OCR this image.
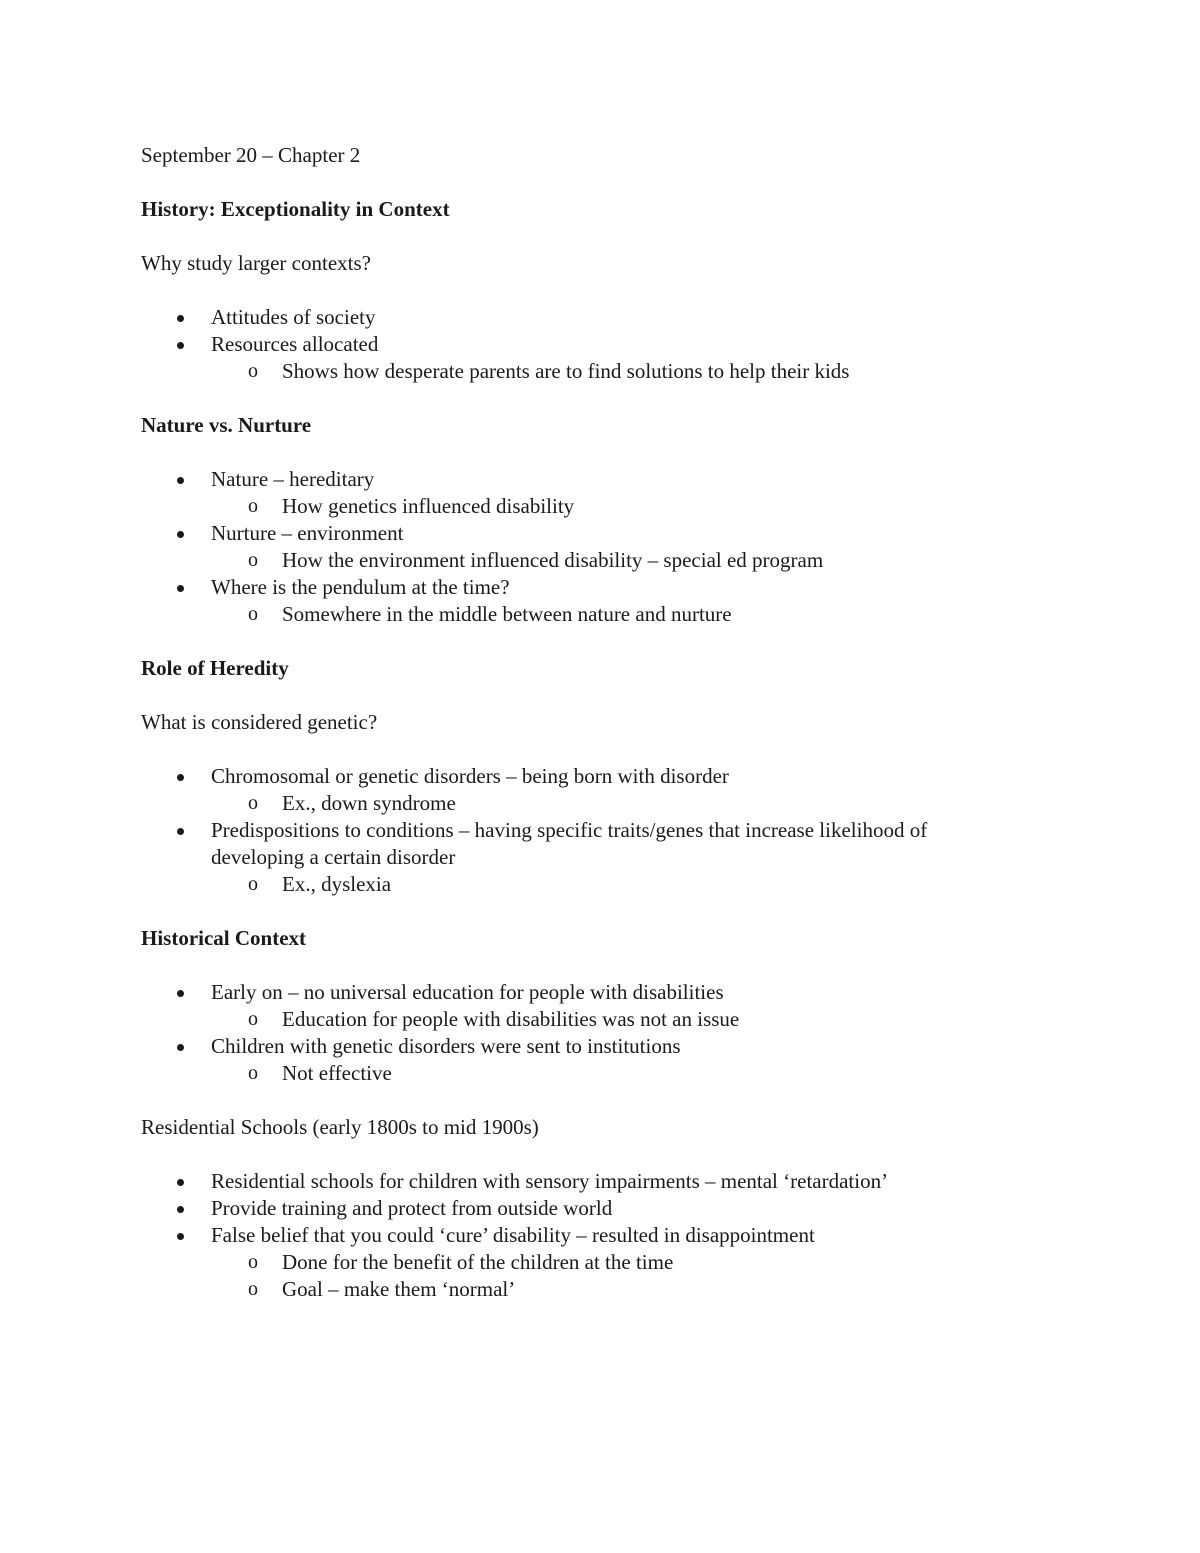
September 20 – Chapter 2

History: Exceptionality in Context

Why study larger contexts?

Attitudes of society
Resources allocated
o Shows how desperate parents are to find solutions to help their kids

Nature vs. Nurture

Nature – hereditary
o How genetics influenced disability
Nurture – environment
o How the environment influenced disability – special ed program
Where is the pendulum at the time?
o Somewhere in the middle between nature and nurture

Role of Heredity

What is considered genetic?

Chromosomal or genetic disorders – being born with disorder
o Ex., down syndrome
Predispositions to conditions – having specific traits/genes that increase likelihood of developing a certain disorder
o Ex., dyslexia

Historical Context

Early on – no universal education for people with disabilities
o Education for people with disabilities was not an issue
Children with genetic disorders were sent to institutions
o Not effective

Residential Schools (early 1800s to mid 1900s)

Residential schools for children with sensory impairments – mental ‘retardation’
Provide training and protect from outside world
False belief that you could ‘cure’ disability – resulted in disappointment
o Done for the benefit of the children at the time
o Goal – make them ‘normal’
